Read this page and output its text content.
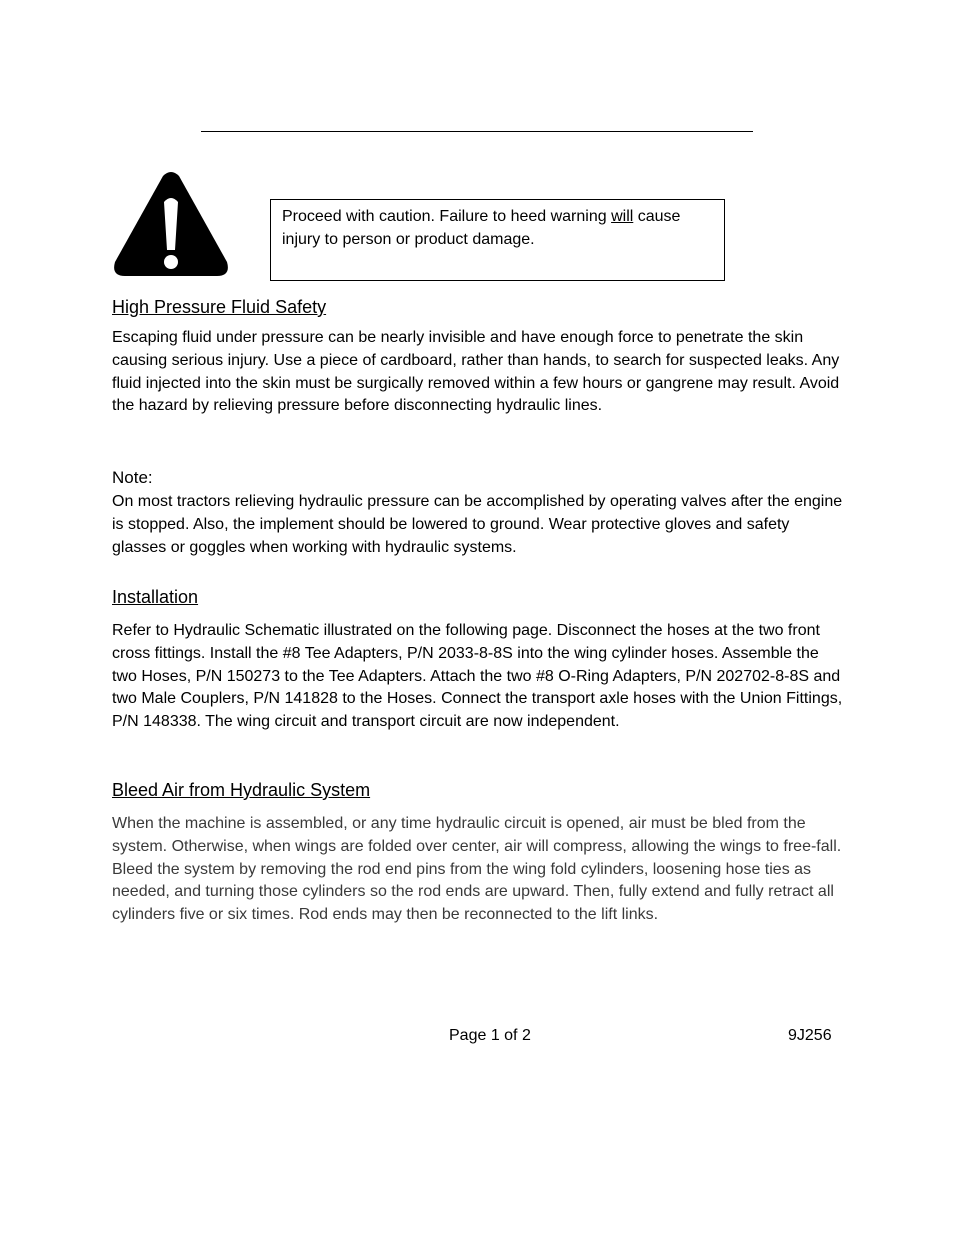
Proceed with caution. Failure to heed warning will cause injury to person or product damage.
High Pressure Fluid Safety

Escaping fluid under pressure can be nearly invisible and have enough force to penetrate the skin causing serious injury. Use a piece of cardboard, rather than hands, to search for suspected leaks. Any fluid injected into the skin must be surgically removed within a few hours or gangrene may result. Avoid the hazard by relieving pressure before disconnecting hydraulic lines.

Note:

On most tractors relieving hydraulic pressure can be accomplished by operating valves after the engine is stopped. Also, the implement should be lowered to ground. Wear protective gloves and safety glasses or goggles when working with hydraulic systems.

Installation

Refer to Hydraulic Schematic illustrated on the following page. Disconnect the hoses at the two front cross fittings. Install the #8 Tee Adapters, P/N 2033-8-8S into the wing cylinder hoses. Assemble the two Hoses, P/N 150273 to the Tee Adapters. Attach the two #8 O-Ring Adapters, P/N 202702-8-8S and two Male Couplers, P/N 141828 to the Hoses. Connect the transport axle hoses with the Union Fittings, P/N 148338. The wing circuit and transport circuit are now independent.

Bleed Air from Hydraulic System

When the machine is assembled, or any time hydraulic circuit is opened, air must be bled from the system. Otherwise, when wings are folded over center, air will compress, allowing the wings to free-fall. Bleed the system by removing the rod end pins from the wing fold cylinders, loosening hose ties as needed, and turning those cylinders so the rod ends are upward. Then, fully extend and fully retract all cylinders five or six times. Rod ends may then be reconnected to the lift links.

Page 1 of 2	9J256
